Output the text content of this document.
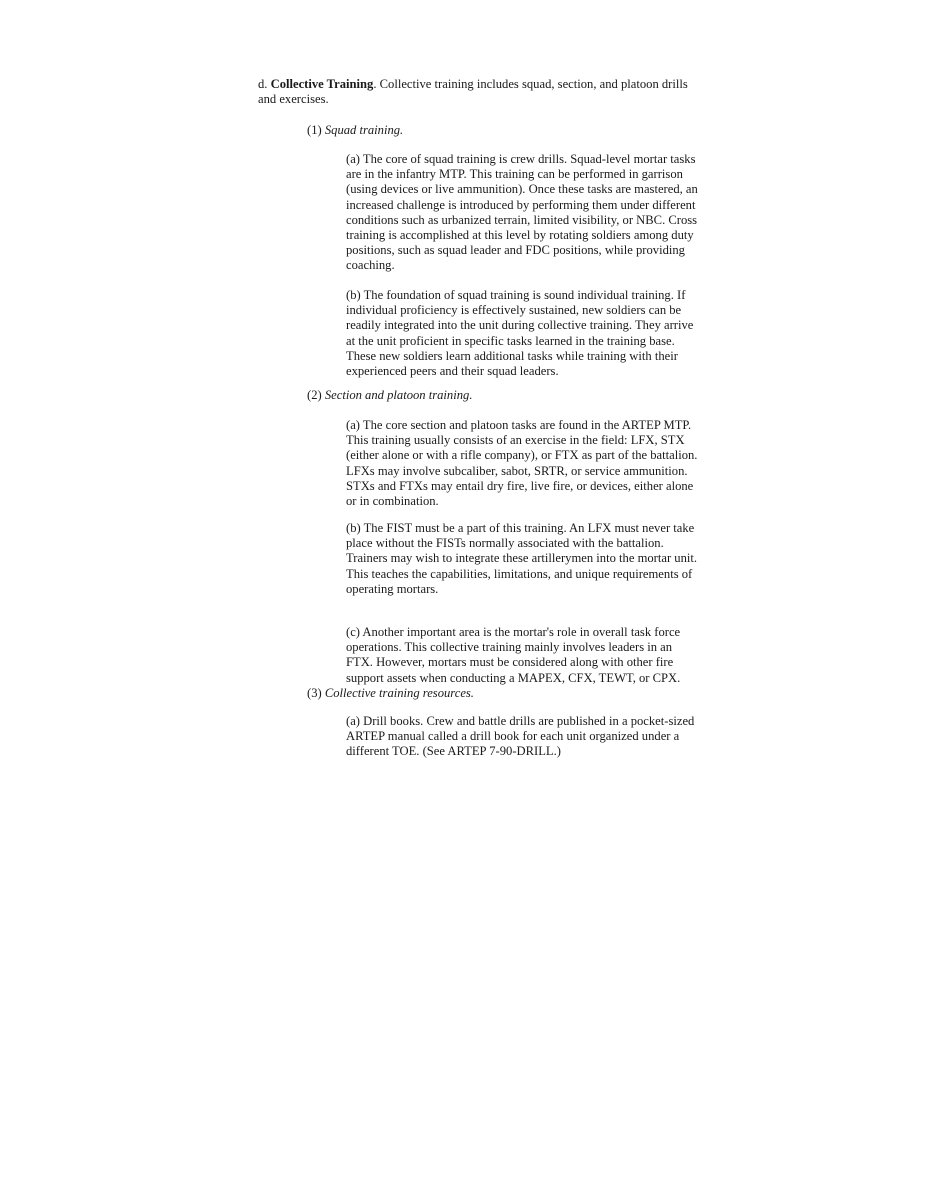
d. Collective Training. Collective training includes squad, section, and platoon drills and exercises.

(1) Squad training.

(a) The core of squad training is crew drills. Squad-level mortar tasks are in the infantry MTP. This training can be performed in garrison (using devices or live ammunition). Once these tasks are mastered, an increased challenge is introduced by performing them under different conditions such as urbanized terrain, limited visibility, or NBC. Cross training is accomplished at this level by rotating soldiers among duty positions, such as squad leader and FDC positions, while providing coaching.

(b) The foundation of squad training is sound individual training. If individual proficiency is effectively sustained, new soldiers can be readily integrated into the unit during collective training. They arrive at the unit proficient in specific tasks learned in the training base. These new soldiers learn additional tasks while training with their experienced peers and their squad leaders.

(2) Section and platoon training.

(a) The core section and platoon tasks are found in the ARTEP MTP. This training usually consists of an exercise in the field: LFX, STX (either alone or with a rifle company), or FTX as part of the battalion. LFXs may involve subcaliber, sabot, SRTR, or service ammunition. STXs and FTXs may entail dry fire, live fire, or devices, either alone or in combination.

(b) The FIST must be a part of this training. An LFX must never take place without the FISTs normally associated with the battalion. Trainers may wish to integrate these artillerymen into the mortar unit. This teaches the capabilities, limitations, and unique requirements of operating mortars.

(c) Another important area is the mortar's role in overall task force operations. This collective training mainly involves leaders in an FTX. However, mortars must be considered along with other fire support assets when conducting a MAPEX, CFX, TEWT, or CPX.

(3) Collective training resources.

(a) Drill books. Crew and battle drills are published in a pocket-sized ARTEP manual called a drill book for each unit organized under a different TOE. (See ARTEP 7-90-DRILL.)
